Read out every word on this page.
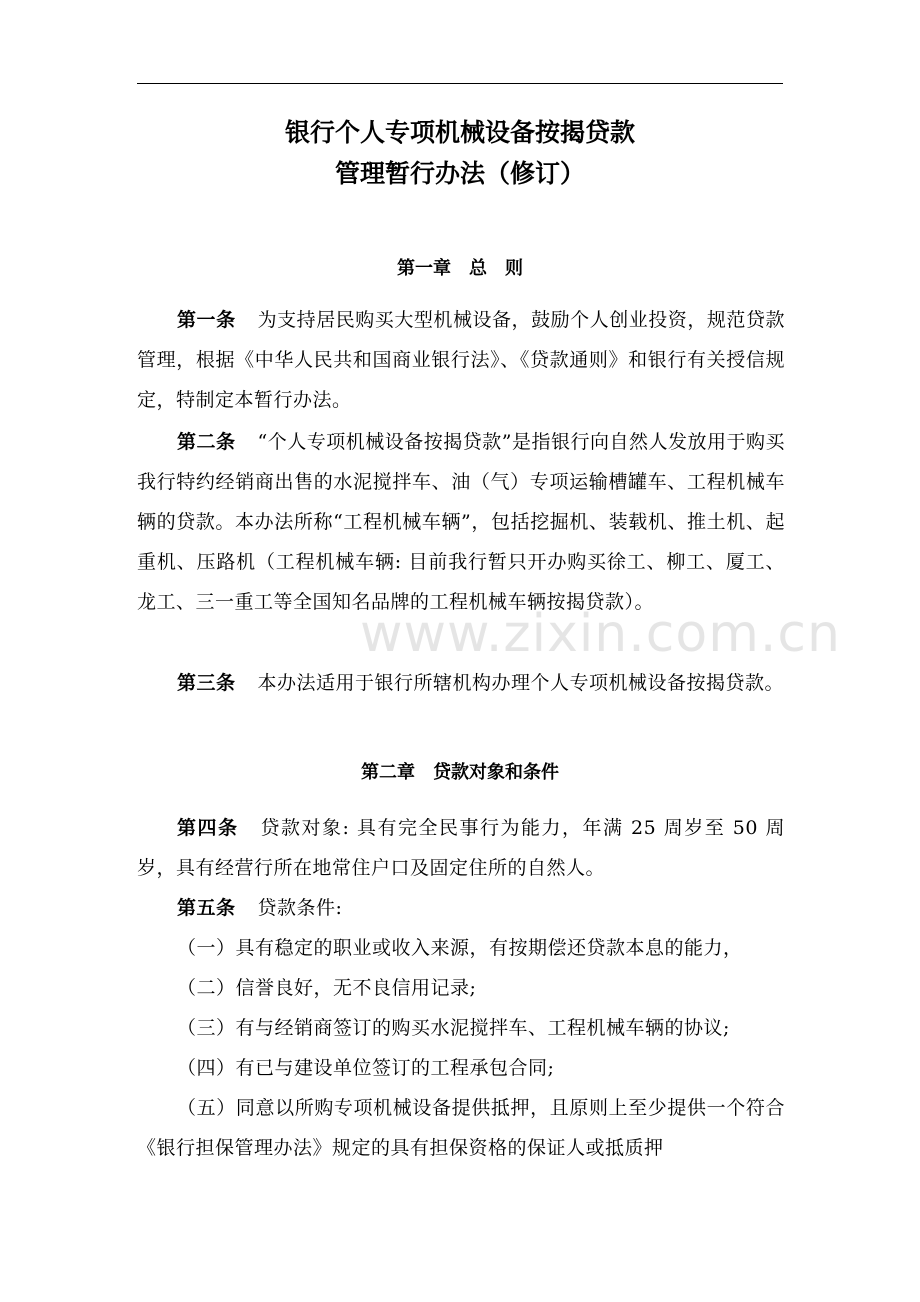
银行个人专项机械设备按揭贷款
管理暂行办法（修订）
第一章　总　则
第一条 为支持居民购买大型机械设备，鼓励个人创业投资，规范贷款管理，根据《中华人民共和国商业银行法》、《贷款通则》和银行有关授信规定，特制定本暂行办法。
第二条 “个人专项机械设备按揭贷款”是指银行向自然人发放用于购买我行特约经销商出售的水泥搅拌车、油（气）专项运输槽罐车、工程机械车辆的贷款。本办法所称“工程机械车辆”，包括挖掘机、装载机、推土机、起重机、压路机（工程机械车辆: 目前我行暂只开办购买徐工、柳工、厦工、龙工、三一重工等全国知名品牌的工程机械车辆按揭贷款）。
第三条 本办法适用于银行所辖机构办理个人专项机械设备按揭贷款。
第二章　贷款对象和条件
第四条 贷款对象: 具有完全民事行为能力，年满 25 周岁至 50 周岁，具有经营行所在地常住户口及固定住所的自然人。
第五条 贷款条件:
（一）具有稳定的职业或收入来源，有按期偿还贷款本息的能力，
（二）信誉良好，无不良信用记录;
（三）有与经销商签订的购买水泥搅拌车、工程机械车辆的协议;
（四）有已与建设单位签订的工程承包合同;
（五）同意以所购专项机械设备提供抵押，且原则上至少提供一个符合《银行担保管理办法》规定的具有担保资格的保证人或抵质押
www.zixin.com.cn
